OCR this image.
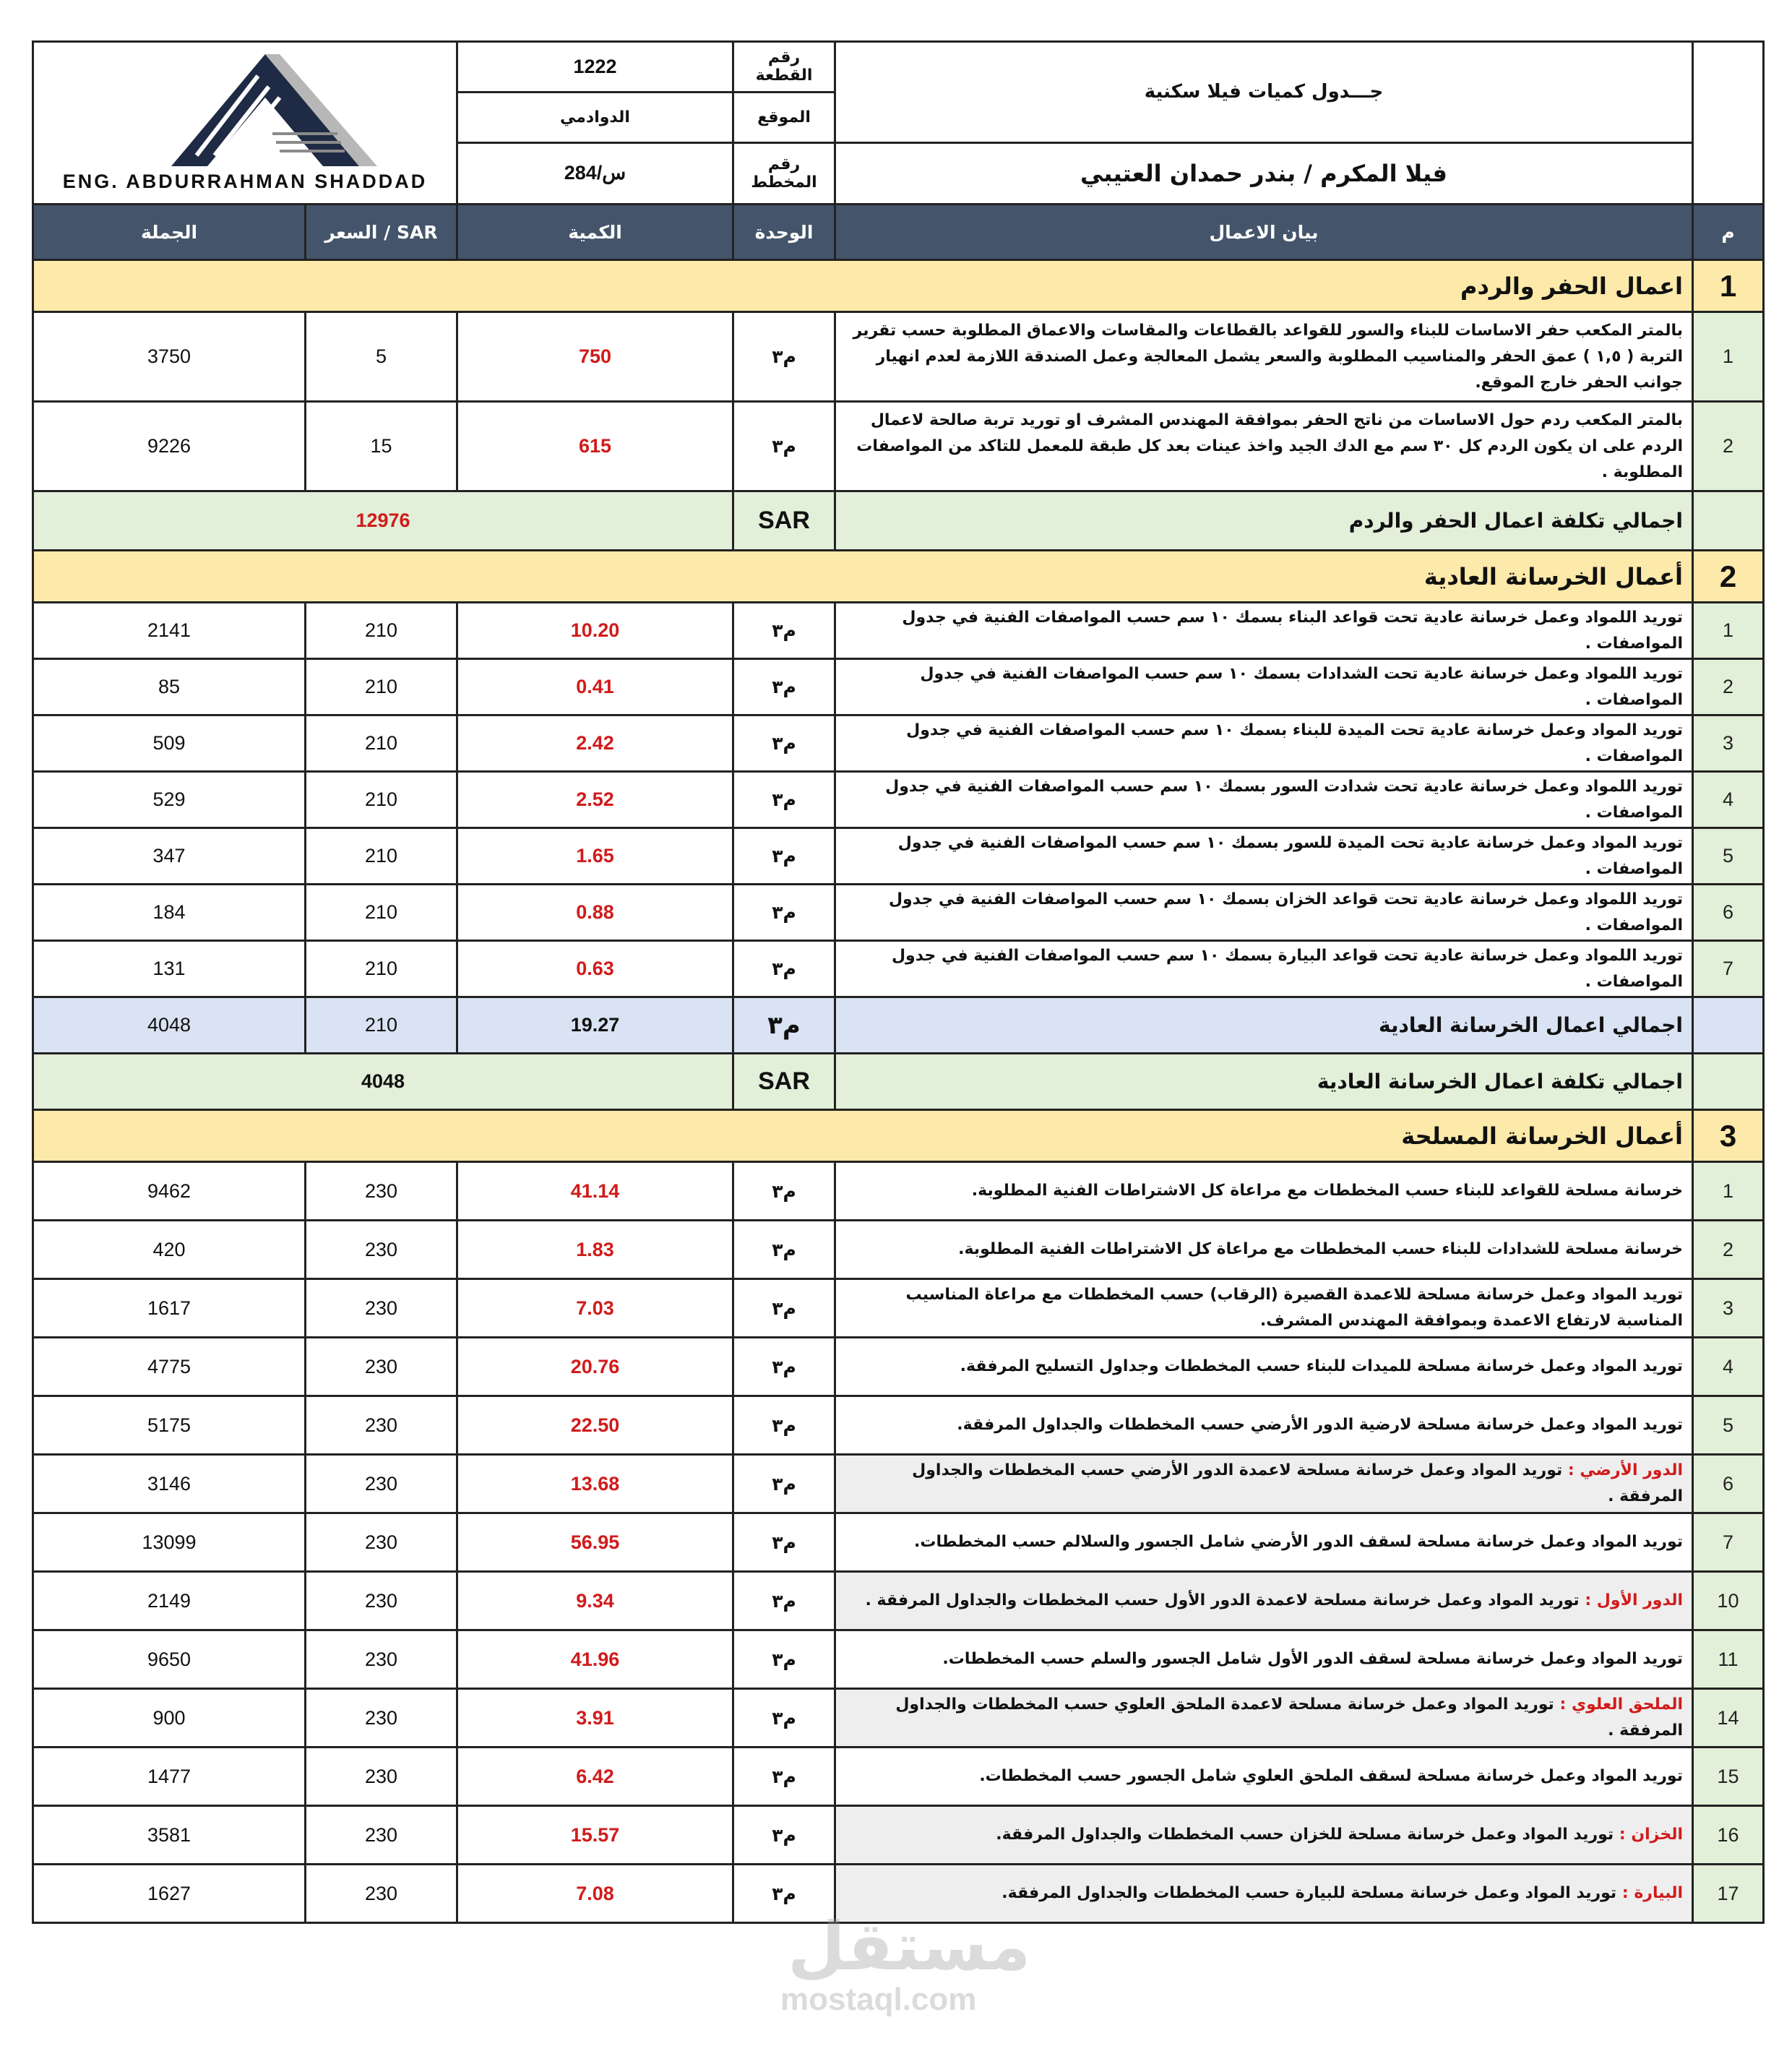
ENG. ABDURRAHMAN SHADDAD		1222	رقم القطعة	جـــدول كميات فيلا سكنية	
		الدوادمي	الموقع		
		س/284	رقم المخطط	فيلا المكرم / بندر حمدان العتيبي	
الجملة	السعر / SAR	الكمية	الوحدة	بيان الاعمال	م
اعمال الحفر والردم					1
3750	5	750	م٣	بالمتر المكعب حفر الاساسات للبناء والسور للقواعد بالقطاعات والمقاسات والاعماق المطلوبة حسب تقرير التربة ( ١,٥ ) عمق الحفر والمناسيب المطلوبة والسعر يشمل المعالجة وعمل الصندقة اللازمة لعدم انهيار جوانب الحفر خارج الموقع.	1
9226	15	615	م٣	بالمتر المكعب ردم حول الاساسات من ناتج الحفر بموافقة المهندس المشرف او توريد تربة صالحة لاعمال الردم على ان يكون الردم كل ٣٠ سم مع الدك الجيد واخذ عينات بعد كل طبقة للمعمل للتاكد من المواصفات المطلوبة .	2
12976			SAR	اجمالي تكلفة اعمال الحفر والردم	
أعمال الخرسانة العادية					2
2141	210	10.20	م٣	توريد اللمواد وعمل خرسانة عادية تحت قواعد البناء بسمك ١٠ سم حسب المواصفات الفنية في جدول المواصفات .	1
85	210	0.41	م٣	توريد اللمواد وعمل خرسانة عادية تحت الشدادات بسمك ١٠ سم حسب المواصفات الفنية في جدول المواصفات .	2
509	210	2.42	م٣	توريد المواد وعمل خرسانة عادية تحت الميدة للبناء بسمك ١٠ سم حسب المواصفات الفنية في جدول المواصفات .	3
529	210	2.52	م٣	توريد اللمواد وعمل خرسانة عادية تحت شدادت السور بسمك ١٠ سم حسب المواصفات الفنية في جدول المواصفات .	4
347	210	1.65	م٣	توريد المواد وعمل خرسانة عادية تحت الميدة للسور بسمك ١٠ سم حسب المواصفات الفنية في جدول المواصفات .	5
184	210	0.88	م٣	توريد اللمواد وعمل خرسانة عادية تحت قواعد الخزان بسمك ١٠ سم حسب المواصفات الفنية في جدول المواصفات .	6
131	210	0.63	م٣	توريد اللمواد وعمل خرسانة عادية تحت قواعد البيارة بسمك ١٠ سم حسب المواصفات الفنية في جدول المواصفات .	7
4048	210	19.27	م٣	اجمالي اعمال الخرسانة العادية	
4048			SAR	اجمالي تكلفة اعمال الخرسانة العادية	
أعمال الخرسانة المسلحة					3
9462	230	41.14	م٣	خرسانة مسلحة للقواعد للبناء حسب المخططات مع مراعاة كل الاشتراطات الفنية المطلوبة.	1
420	230	1.83	م٣	خرسانة مسلحة للشدادات للبناء حسب المخططات مع مراعاة كل الاشتراطات الفنية المطلوبة.	2
1617	230	7.03	م٣	توريد المواد وعمل خرسانة مسلحة للاعمدة القصيرة (الرقاب) حسب المخططات مع مراعاة المناسيب المناسبة لارتفاع الاعمدة وبموافقة المهندس المشرف.	3
4775	230	20.76	م٣	توريد المواد وعمل خرسانة مسلحة للميدات للبناء حسب المخططات وجداول التسليح المرفقة.	4
5175	230	22.50	م٣	توريد المواد وعمل خرسانة مسلحة لارضية الدور الأرضي حسب المخططات والجداول المرفقة.	5
3146	230	13.68	م٣	الدور الأرضي : توريد المواد وعمل خرسانة مسلحة لاعمدة الدور الأرضي حسب المخططات والجداول المرفقة .	6
13099	230	56.95	م٣	توريد المواد وعمل خرسانة مسلحة لسقف الدور الأرضي شامل الجسور والسلالم حسب المخططات.	7
2149	230	9.34	م٣	الدور الأول : توريد المواد وعمل خرسانة مسلحة لاعمدة الدور الأول حسب المخططات والجداول المرفقة .	10
9650	230	41.96	م٣	توريد المواد وعمل خرسانة مسلحة لسقف الدور الأول شامل الجسور والسلم حسب المخططات.	11
900	230	3.91	م٣	الملحق العلوي : توريد المواد وعمل خرسانة مسلحة لاعمدة الملحق العلوي حسب المخططات والجداول المرفقة .	14
1477	230	6.42	م٣	توريد المواد وعمل خرسانة مسلحة لسقف الملحق العلوي شامل الجسور حسب المخططات.	15
3581	230	15.57	م٣	الخزان : توريد المواد وعمل خرسانة مسلحة للخزان حسب المخططات والجداول المرفقة.	16
1627	230	7.08	م٣	البيارة : توريد المواد وعمل خرسانة مسلحة للبيارة حسب المخططات والجداول المرفقة.	17
مستقل
mostaql.com
